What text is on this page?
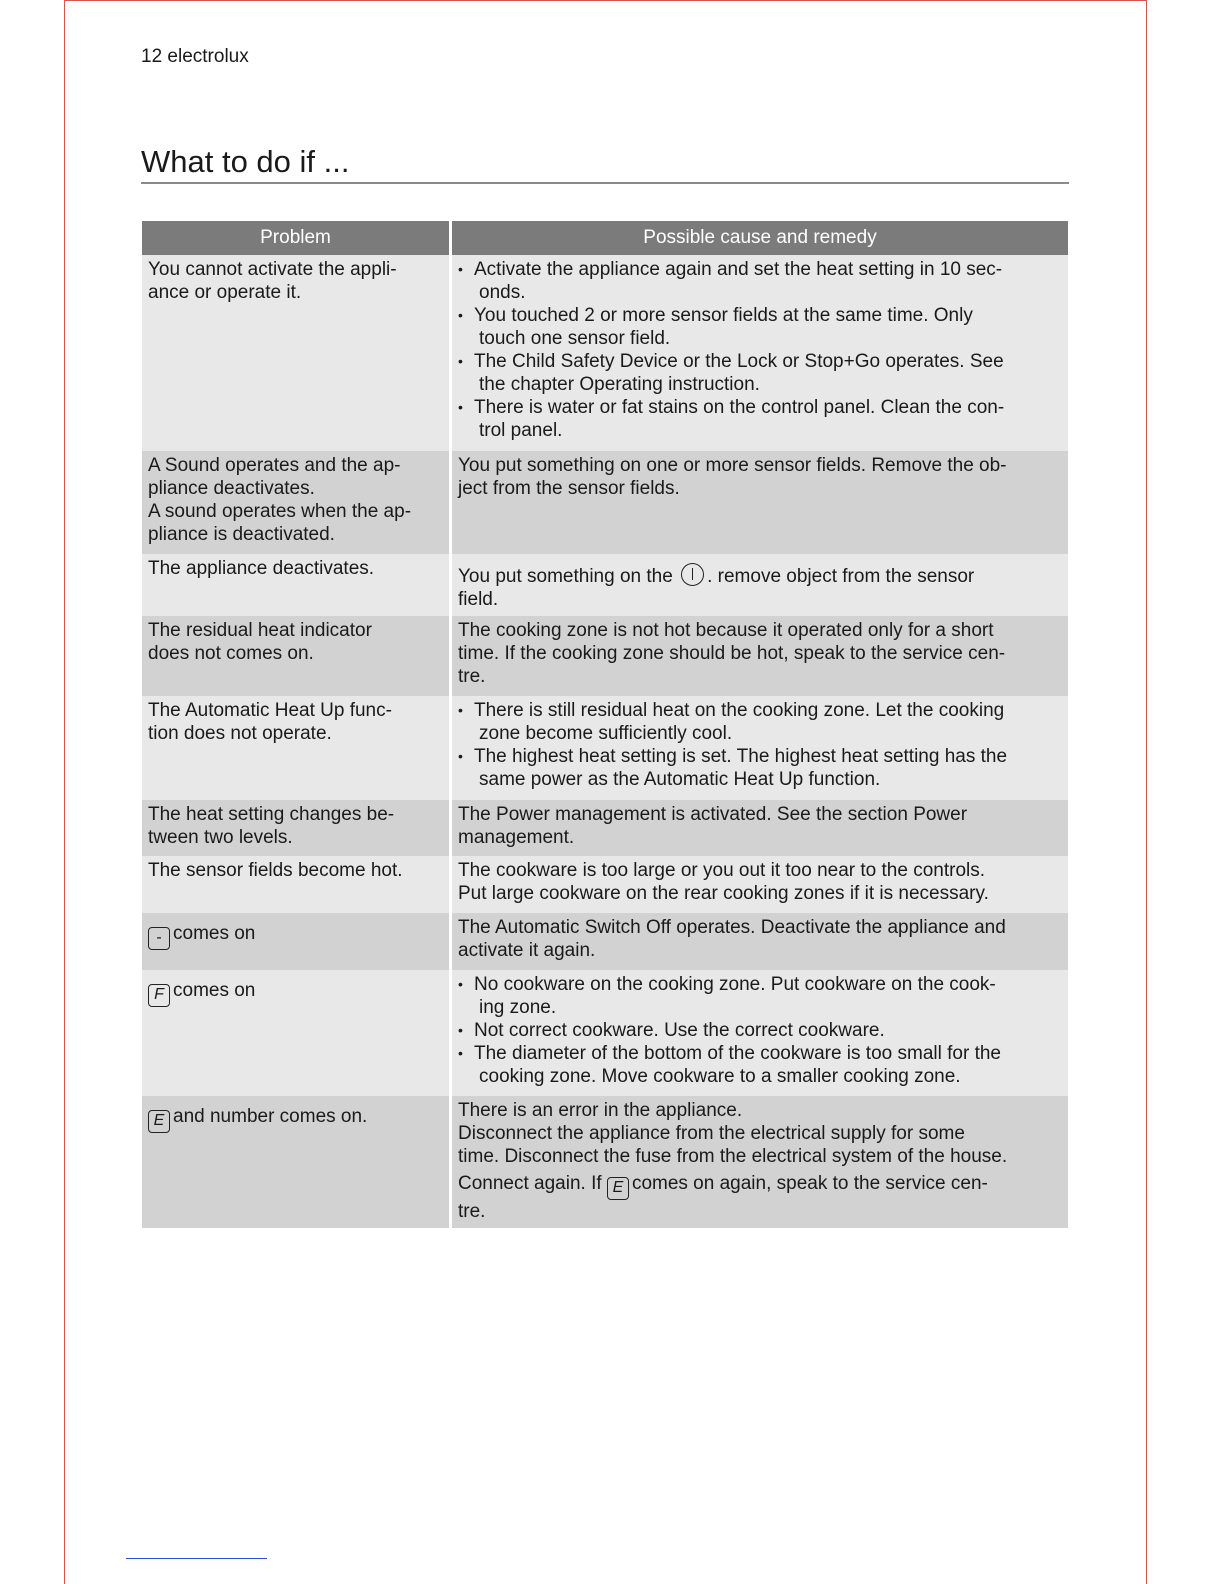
12 electrolux
What to do if ...
Problem	Possible cause and remedy
You cannot activate the appli-
ance or operate it.
• Activate the appliance again and set the heat setting in 10 sec-
onds.
• You touched 2 or more sensor fields at the same time. Only
touch one sensor field.
• The Child Safety Device or the Lock or Stop+Go operates. See
the chapter Operating instruction.
• There is water or fat stains on the control panel. Clean the con-
trol panel.
A Sound operates and the ap-
pliance deactivates.
A sound operates when the ap-
pliance is deactivated.
You put something on one or more sensor fields. Remove the ob-
ject from the sensor fields.
The appliance deactivates.	You put something on the . remove object from the sensor
field.
The residual heat indicator
does not comes on.
The cooking zone is not hot because it operated only for a short
time. If the cooking zone should be hot, speak to the service cen-
tre.
The Automatic Heat Up func-
tion does not operate.
• There is still residual heat on the cooking zone. Let the cooking
zone become sufficiently cool.
• The highest heat setting is set. The highest heat setting has the
same power as the Automatic Heat Up function.
The heat setting changes be-
tween two levels.
The Power management is activated. See the section Power
management.
The sensor fields become hot.	The cookware is too large or you out it too near to the controls.
Put large cookware on the rear cooking zones if it is necessary.
- comes on	The Automatic Switch Off operates. Deactivate the appliance and
activate it again.
F comes on
•	No cookware on the cooking zone. Put cookware on the cook-
ing zone.
• Not correct cookware. Use the correct cookware.
• The diameter of the bottom of the cookware is too small for the
cooking zone. Move cookware to a smaller cooking zone.
E and number comes on.	There is an error in the appliance.
Disconnect the appliance from the electrical supply for some
time. Disconnect the fuse from the electrical system of the house.
Connect again. If E comes on again, speak to the service cen-
tre.
